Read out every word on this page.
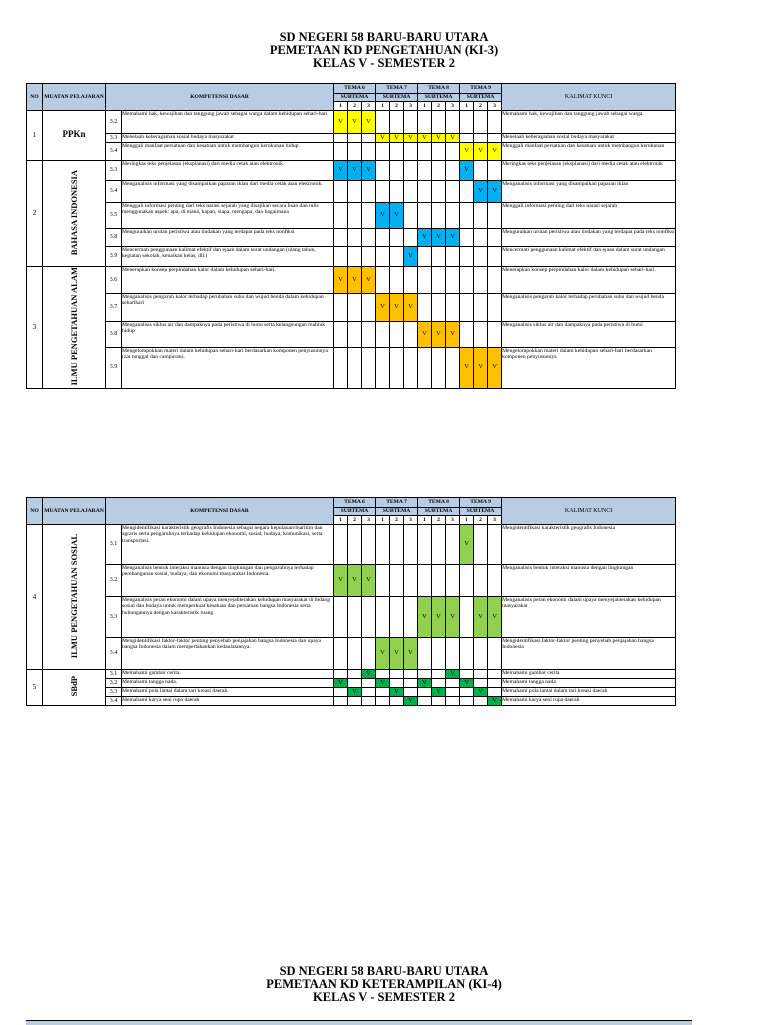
SD NEGERI 58 BARU-BARU UTARA
PEMETAAN KD PENGETAHUAN (KI-3)
KELAS V - SEMESTER 2
NO	MUATAN PELAJARAN	KOMPETENSI DASAR		TEMA 6			TEMA 7			TEMA 8			TEMA 9			KALIMAT KUNCI
				SUBTEMA			SUBTEMA			SUBTEMA			SUBTEMA			
				1	2	3	1	2	3	1	2	3	1	2	3	
1	PPKn	3.2	Memahami hak, kewajiban dan tanggung jawab sebagai warga dalam kehidupan sehari-hari.	V	V	V										Memahami hak, kewajiban dan tanggung jawab sebagai warga
		3.3	Menelaah keberagaman sosial budaya masyarakat				V	V	V	V	V	V				Menelaah keberagaman sosial budaya masyarakat
		3.4	Menggali manfaat persatuan dan kesatuan untuk membangun kerukunan hidup.										V	V	V	Menggali manfaat persatuan dan kesatuan untuk membangun kerukunan
2	BAHASA INDONESIA	3.3	Meringkas teks penjelasan (eksplanasi) dari media cetak atau elektronik.	V	V	V							V			Meringkas teks penjelasan (eksplanasi) dari media cetak atau elektronik
		3.4	Menganalisis informasi yang disampaikan paparan iklan dari media cetak atau elektronik.											V	V	Menganalisis informasi yang disampaikan paparan iklan
		3.5	Menggali informasi penting dari teks narasi sejarah yang disajikan secara lisan dan tulis menggunakan aspek: apa, di mana, kapan, siapa, mengapa, dan bagaimana				V	V								Menggali informasi penting dari teks narasi sejarah
		3.8	Menguraikan urutan peristiwa atau tindakan yang terdapat pada teks nonfiksi							V	V	V				Menguraikan urutan peristiwa atau tindakan yang terdapat pada teks nonfiksi
		3.9	Mencermati penggunaan kalimat efektif dan ejaan dalam surat undangan (ulang tahun, kegiatan sekolah, kenaikan kelas, dll.)						V							Mencermati penggunaan kalimat efektif dan ejaan dalam surat undangan
3	ILMU PENGETAHUAN ALAM	3.6	Menerapkan konsep perpindahan kalor dalam kehidupan sehari-hari.	V	V	V										Menerapkan konsep perpindahan kalor dalam kehidupan sehari-hari.
		3.7	Menganalisis pengaruh kalor terhadap perubahan suhu dan wujud benda dalam kehidupan sehariharí				V	V	V							Menganalisis pengaruh kalor terhadap perubahan suhu dan wujud benda
		3.8	Menganalisis siklus air dan dampaknya pada peristiwa di bumi serta kelangsungan mahluk hidup							V	V	V				Menganalisis siklus air dan dampaknya pada peristiwa di bumi
		3.9	Mengelompokkan materi dalam kehidupan sehari-hari berdasarkan komponen penyusunnya (zat tunggal dan campuran).										V	V	V	Mengelompokkan materi dalam kehidupan sehari-hari berdasarkan komponen penyusunnya
NO	MUATAN PELAJARAN	KOMPETENSI DASAR		TEMA 6			TEMA 7			TEMA 8			TEMA 9			KALIMAT KUNCI
				SUBTEMA			SUBTEMA			SUBTEMA			SUBTEMA			
				1	2	3	1	2	3	1	2	3	1	2	3	
4	ILMU PENGETAHUAN SOSIAL	3.1	Mengidentifikasi karakteristik geografis Indonesia sebagai negara kepulauan/maritim dan agraris serta pengaruhnya terhadap kehidupan ekonomi, sosial, budaya, komunikasi, serta transportasi.										V			Mengidentifikasi karakteristik geografis Indonesia
		3.2	Menganalisis bentuk interaksi manusia dengan lingkungan dan pengaruhnya terhadap pembangunan sosial, budaya, dan ekonomi masyarakat Indonesia.	V	V	V										Menganalisis bentuk interaksi manusia dengan lingkungan
		3.3	Menganalisis peran ekonomi dalam upaya menyejahterakan kehidupan masyarakat di bidang sosial dan budaya untuk memperkuat kesatuan dan persatuan bangsa Indonesia serta hubungannya dengan karakteristik ruang							V	V	V		V	V	Menganalisis peran ekonomi dalam upaya menyejahterakan kehidupan masyarakat
		3.4	Mengidentifikasi faktor-faktor penting penyebab penjajahan bangsa Indonesia dan upaya bangsa Indonesia dalam mempertahankan kedaulatannya.				V	V	V							Mengidentifikasi faktor-faktor penting penyebab penjajahan bangsa Indonesia
5	SBdP	3.1	Memahami gambar cerita.			V						V				Memahami gambar cerita
		3.2	Memahami tangga nada.	V			V			V			V			Memahami tangga nada
		3.3	Memahami pola lantai dalam tari kreasi daerah.		V			V			V			V		Memahami pola lantai dalam tari kreasi daerah
		3.4	Memahami karya seni rupa daerah						V						V	Memahami karya seni rupa daerah
SD NEGERI 58 BARU-BARU UTARA
PEMETAAN KD KETERAMPILAN (KI-4)
KELAS V - SEMESTER 2
